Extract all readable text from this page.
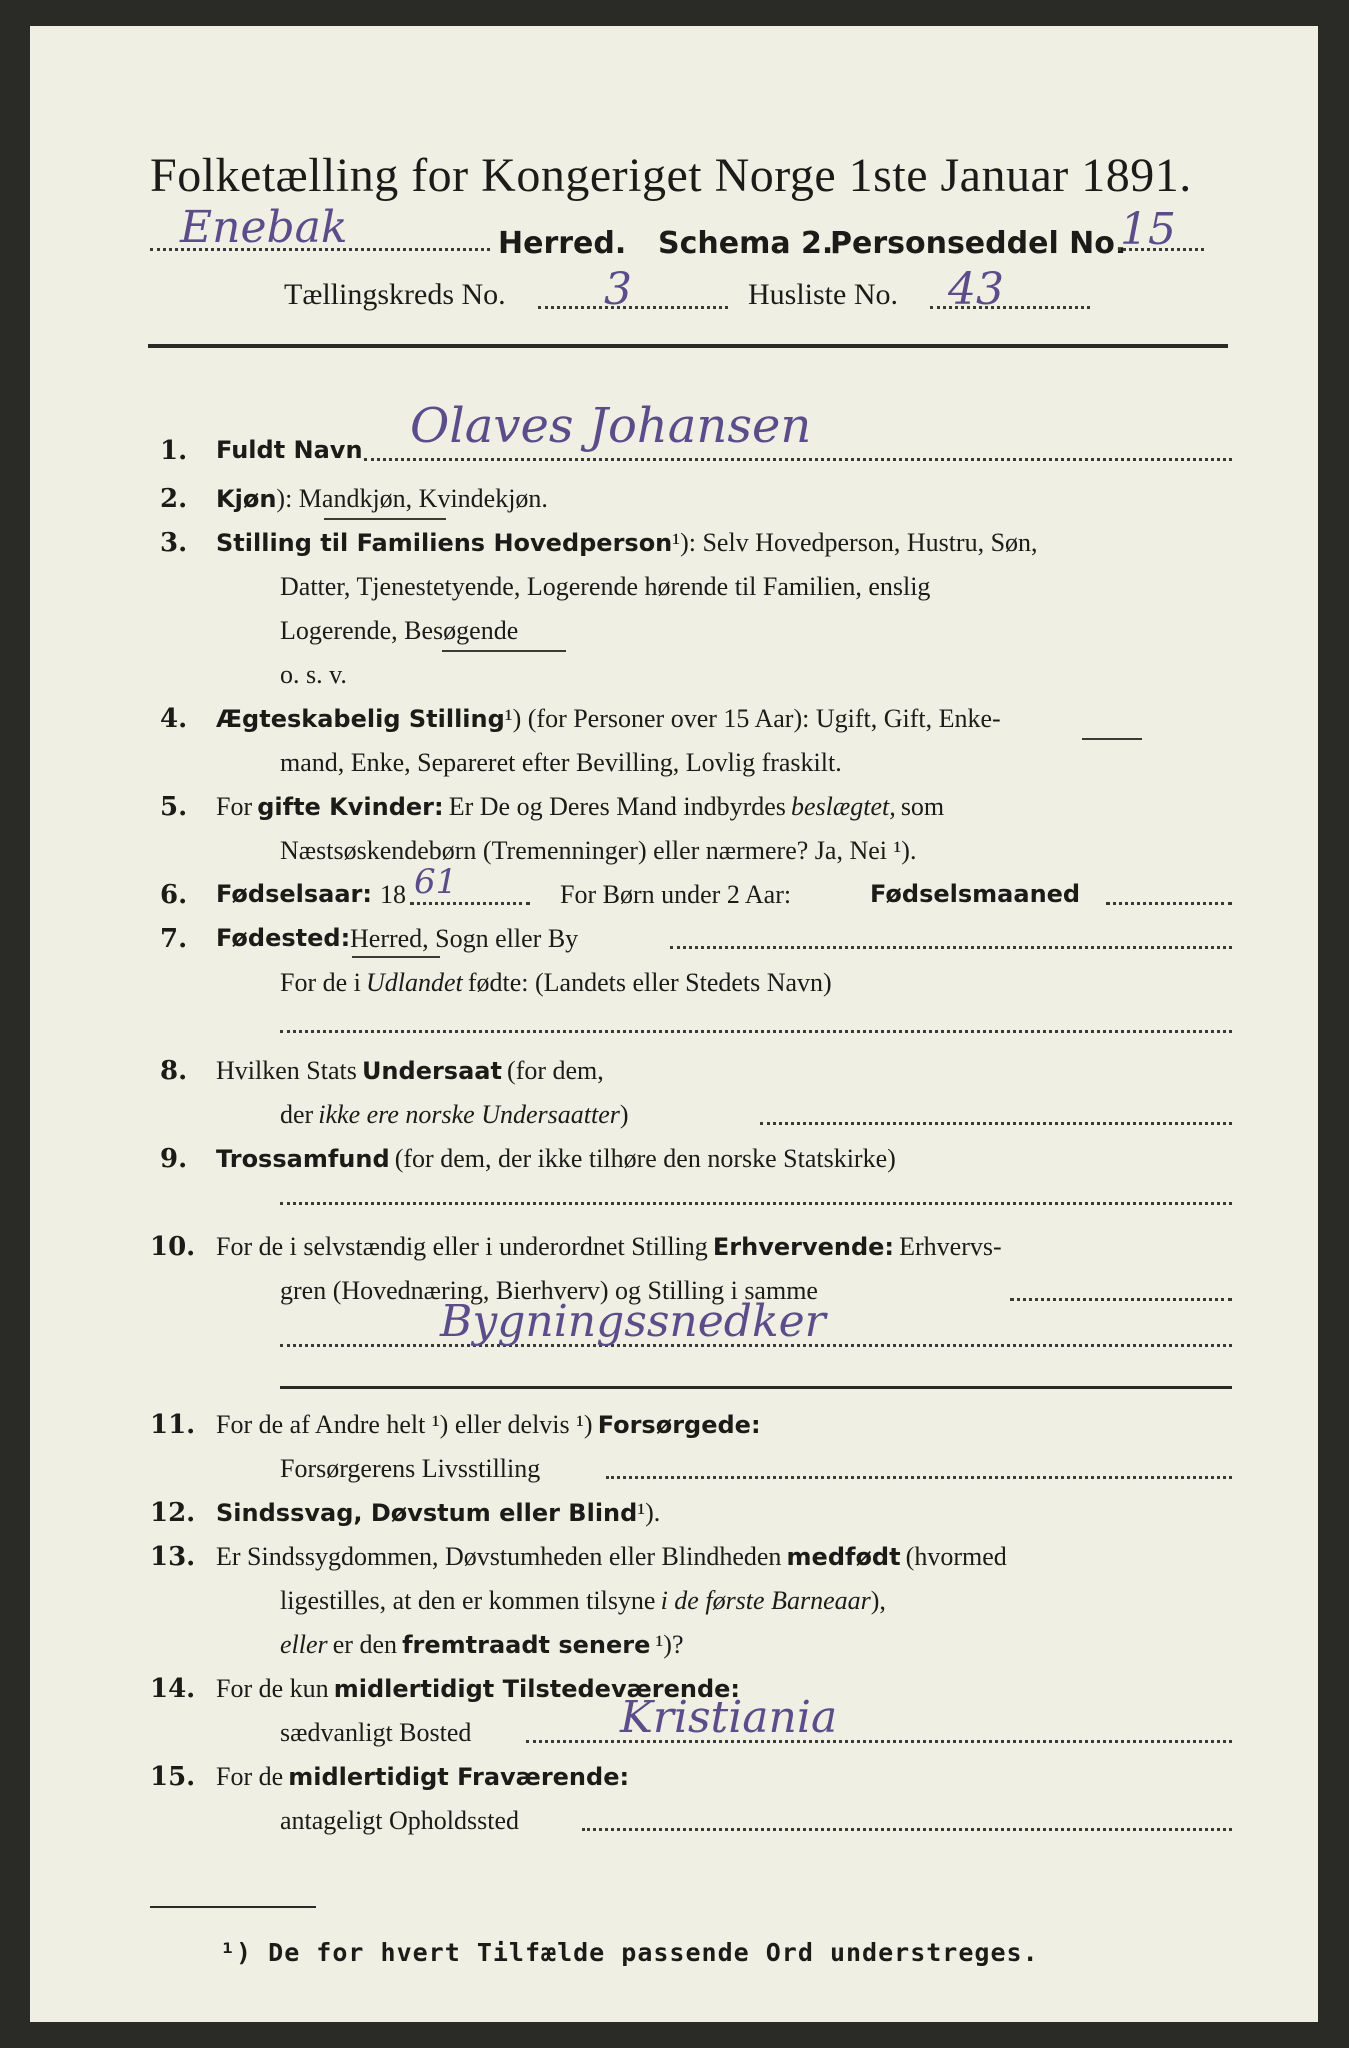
Folketælling for Kongeriget Norge 1ste Januar 1891.
Enebak	Herred. Schema 2.
Personseddel No.
15
Tællingskreds No. 3	Husliste No. 43
1. Fuldt Navn Olaves Johansen
2. Kjøn): Mandkjøn, Kvindekjøn.
3. Stilling til Familiens Hovedperson¹): Selv Hovedperson, Hustru, Søn,
Datter, Tjenestetyende, Logerende hørende til Familien, enslig
Logerende, Besøgende
o. s. v.
4. Ægteskabelig Stilling¹) (for Personer over 15 Aar): Ugift, Gift, Enke-
mand, Enke, Separeret efter Bevilling, Lovlig fraskilt.
5. For gifte Kvinder: Er De og Deres Mand indbyrdes beslægtet, som
Næstsøskendebørn (Tremenninger) eller nærmere? Ja, Nei ¹).
6. Fødselsaar: 18 61	For Børn under 2 Aar:	Fødselsmaaned
7. Fødested: Herred, Sogn eller By
For de i Udlandet fødte: (Landets eller Stedets Navn)
8. Hvilken Stats Undersaat (for dem,
der ikke ere norske Undersaatter)
9. Trossamfund (for dem, der ikke tilhøre den norske Statskirke)
10. For de i selvstændig eller i underordnet Stilling Erhvervende: Erhvervs-
gren (Hovednæring, Bierhverv) og Stilling i samme
Bygningssnedker
11. For de af Andre helt ¹) eller delvis ¹) Forsørgede:
Forsørgerens Livsstilling
12. Sindssvag, Døvstum eller Blind¹).
13. Er Sindssygdommen, Døvstumheden eller Blindheden medfødt (hvormed
ligestilles, at den er kommen tilsyne i de første Barneaar),
eller er den fremtraadt senere ¹)?
14. For de kun midlertidigt Tilstedeværende:
sædvanligt Bosted	Kristiania
15. For de midlertidigt Fraværende:
antageligt Opholdssted
¹) De for hvert Tilfælde passende Ord understreges.
